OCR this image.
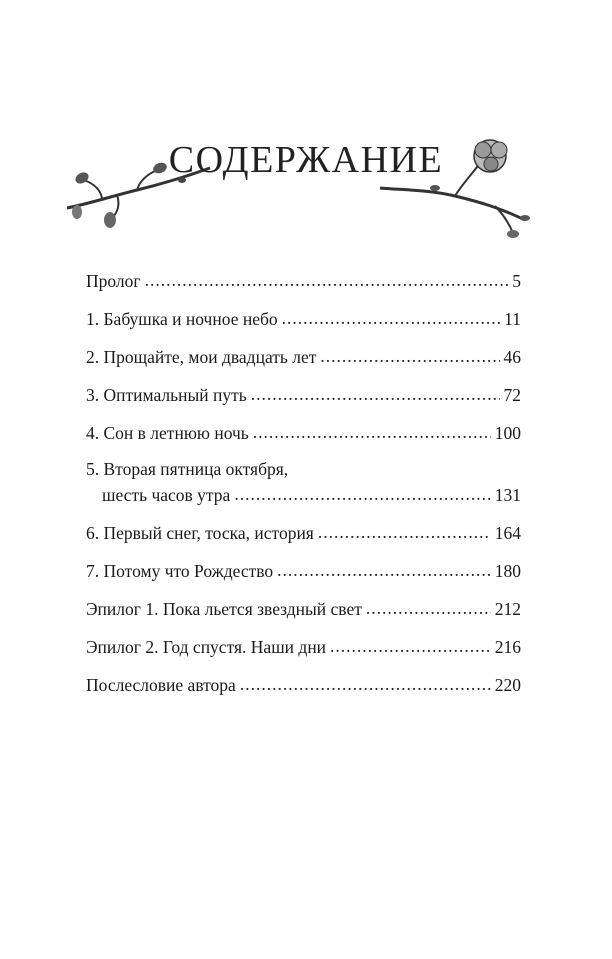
СОДЕРЖАНИЕ
Пролог .....	5
1. Бабушка и ночное небо .....	11
2. Прощайте, мои двадцать лет .....	46
3. Оптимальный путь .....	72
4. Сон в летнюю ночь .....	100
5. Вторая пятница октября,
шесть часов утра .....	131
6. Первый снег, тоска, история .....	164
7. Потому что Рождество .....	180
Эпилог 1. Пока льется звездный свет .....	212
Эпилог 2. Год спустя. Наши дни .....	216
Послесловие автора .....	220
